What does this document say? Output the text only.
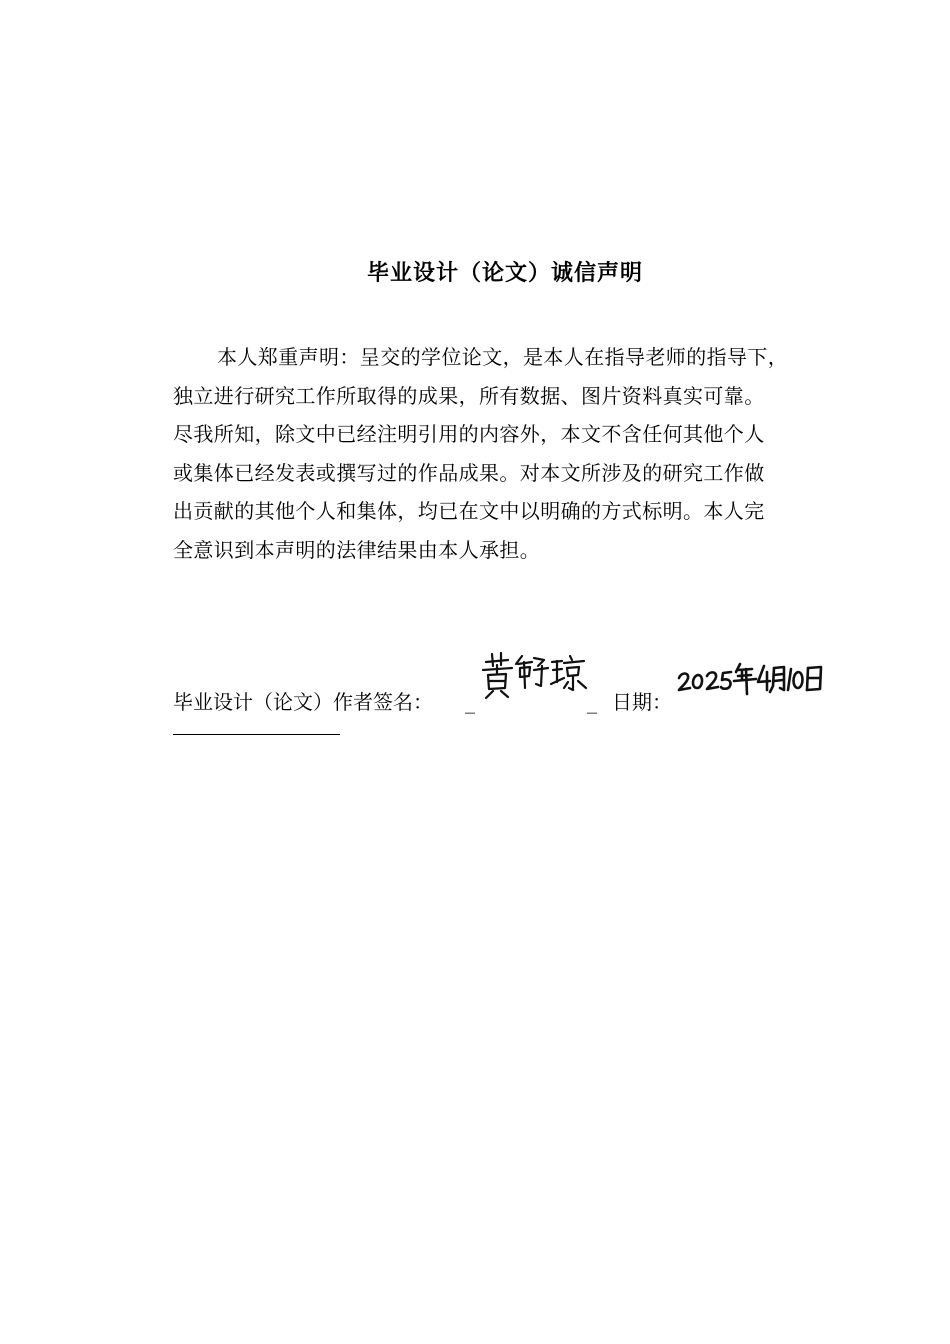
毕业设计（论文）诚信声明
本人郑重声明：呈交的学位论文，是本人在指导老师的指导下，
独立进行研究工作所取得的成果，所有数据、图片资料真实可靠。
尽我所知，除文中已经注明引用的内容外，本文不含任何其他个人
或集体已经发表或撰写过的作品成果。对本文所涉及的研究工作做
出贡献的其他个人和集体，均已在文中以明确的方式标明。本人完
全意识到本声明的法律结果由本人承担。
毕业设计（论文）作者签名： _	_ 日期：
